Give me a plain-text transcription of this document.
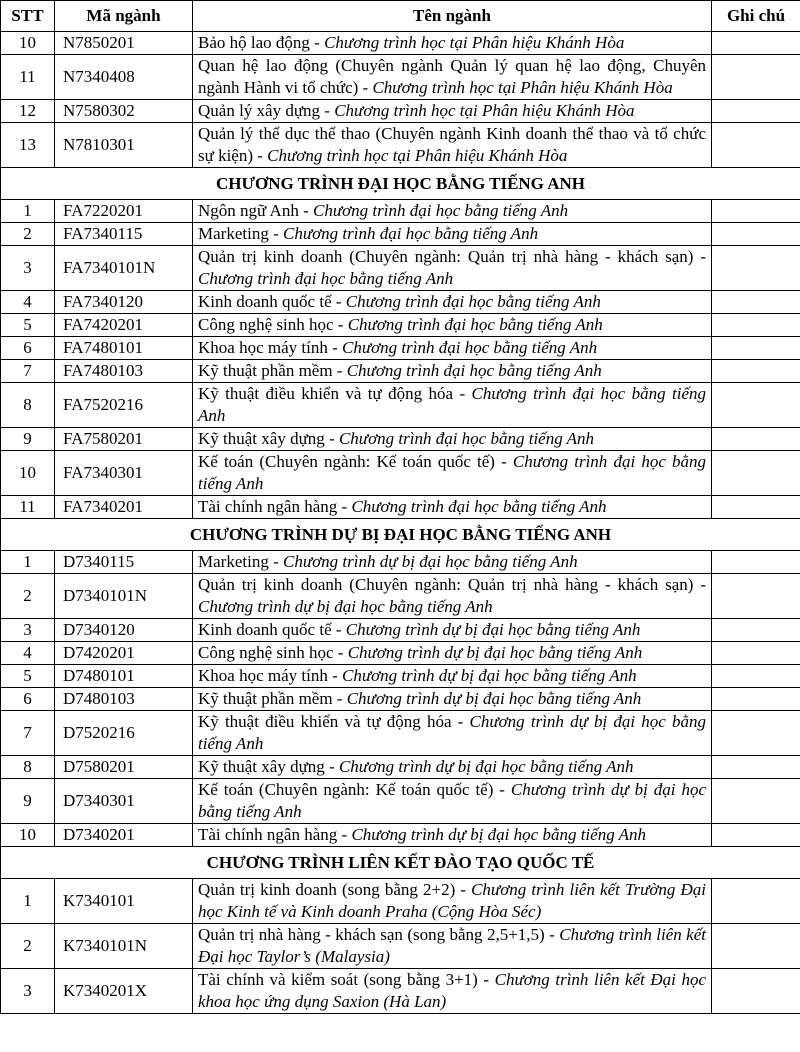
STT	Mã ngành	Tên ngành	Ghi chú
10	N7850201	Bảo hộ lao động - Chương trình học tại Phân hiệu Khánh Hòa	
11	N7340408	Quan hệ lao động (Chuyên ngành Quản lý quan hệ lao động, Chuyên ngành Hành vi tổ chức) - Chương trình học tại Phân hiệu Khánh Hòa	
12	N7580302	Quản lý xây dựng - Chương trình học tại Phân hiệu Khánh Hòa	
13	N7810301	Quản lý thể dục thể thao (Chuyên ngành Kinh doanh thể thao và tổ chức sự kiện) - Chương trình học tại Phân hiệu Khánh Hòa	
CHƯƠNG TRÌNH ĐẠI HỌC BẰNG TIẾNG ANH			
1	FA7220201	Ngôn ngữ Anh - Chương trình đại học bằng tiếng Anh	
2	FA7340115	Marketing - Chương trình đại học bằng tiếng Anh	
3	FA7340101N	Quản trị kinh doanh (Chuyên ngành: Quản trị nhà hàng - khách sạn) - Chương trình đại học bằng tiếng Anh	
4	FA7340120	Kinh doanh quốc tế - Chương trình đại học bằng tiếng Anh	
5	FA7420201	Công nghệ sinh học - Chương trình đại học bằng tiếng Anh	
6	FA7480101	Khoa học máy tính - Chương trình đại học bằng tiếng Anh	
7	FA7480103	Kỹ thuật phần mềm - Chương trình đại học bằng tiếng Anh	
8	FA7520216	Kỹ thuật điều khiển và tự động hóa - Chương trình đại học bằng tiếng Anh	
9	FA7580201	Kỹ thuật xây dựng - Chương trình đại học bằng tiếng Anh	
10	FA7340301	Kế toán (Chuyên ngành: Kế toán quốc tế) - Chương trình đại học bằng tiếng Anh	
11	FA7340201	Tài chính ngân hàng - Chương trình đại học bằng tiếng Anh	
CHƯƠNG TRÌNH DỰ BỊ ĐẠI HỌC BẰNG TIẾNG ANH			
1	D7340115	Marketing - Chương trình dự bị đại học bằng tiếng Anh	
2	D7340101N	Quản trị kinh doanh (Chuyên ngành: Quản trị nhà hàng - khách sạn) - Chương trình dự bị đại học bằng tiếng Anh	
3	D7340120	Kinh doanh quốc tế - Chương trình dự bị đại học bằng tiếng Anh	
4	D7420201	Công nghệ sinh học - Chương trình dự bị đại học bằng tiếng Anh	
5	D7480101	Khoa học máy tính - Chương trình dự bị đại học bằng tiếng Anh	
6	D7480103	Kỹ thuật phần mềm - Chương trình dự bị đại học bằng tiếng Anh	
7	D7520216	Kỹ thuật điều khiển và tự động hóa - Chương trình dự bị đại học bằng tiếng Anh	
8	D7580201	Kỹ thuật xây dựng - Chương trình dự bị đại học bằng tiếng Anh	
9	D7340301	Kế toán (Chuyên ngành: Kế toán quốc tế) - Chương trình dự bị đại học bằng tiếng Anh	
10	D7340201	Tài chính ngân hàng - Chương trình dự bị đại học bằng tiếng Anh	
CHƯƠNG TRÌNH LIÊN KẾT ĐÀO TẠO QUỐC TẾ			
1	K7340101	Quản trị kinh doanh (song bằng 2+2) - Chương trình liên kết Trường Đại học Kinh tế và Kinh doanh Praha (Cộng Hòa Séc)	
2	K7340101N	Quản trị nhà hàng - khách sạn (song bằng 2,5+1,5) - Chương trình liên kết Đại học Taylor’s (Malaysia)	
3	K7340201X	Tài chính và kiểm soát (song bằng 3+1) - Chương trình liên kết Đại học khoa học ứng dụng Saxion (Hà Lan)	
